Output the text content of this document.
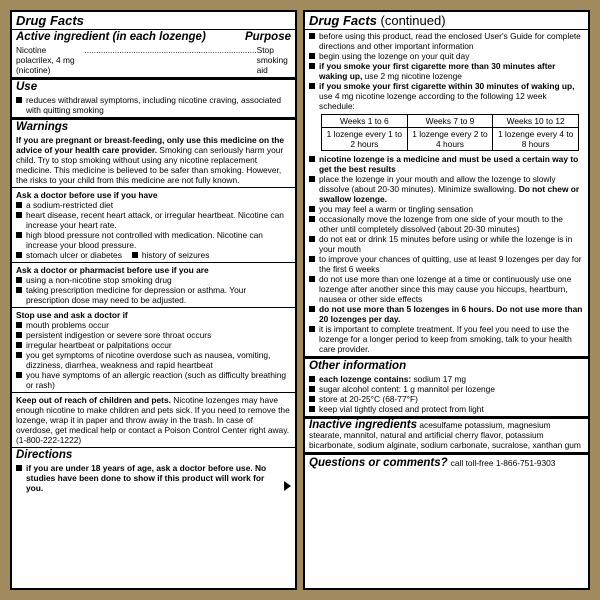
Drug Facts
Active ingredient (in each lozenge)	Purpose
Nicotine polacrilex, 4 mg (nicotine)
.......................................................................... Stop smoking aid
Use
reduces withdrawal symptoms, including nicotine craving, associated with quitting smoking
Warnings

If you are pregnant or breast-feeding, only use this medicine on the advice of your health care provider. Smoking can seriously harm your child. Try to stop smoking without using any nicotine replacement medicine. This medicine is believed to be safer than smoking. However, the risks to your child from this medicine are not fully known.

Ask a doctor before use if you have

a sodium-restricted diet
heart disease, recent heart attack, or irregular heartbeat. Nicotine can increase your heart rate.
high blood pressure not controlled with medication. Nicotine can increase your blood pressure.
stomach ulcer or diabetes	history of seizures

Ask a doctor or pharmacist before use if you are

using a non-nicotine stop smoking drug
taking prescription medicine for depression or asthma. Your prescription dose may need to be adjusted.

Stop use and ask a doctor if

mouth problems occur
persistent indigestion or severe sore throat occurs
irregular heartbeat or palpitations occur
you get symptoms of nicotine overdose such as nausea, vomiting, dizziness, diarrhea, weakness and rapid heartbeat
you have symptoms of an allergic reaction (such as difficulty breathing or rash)

Keep out of reach of children and pets. Nicotine lozenges may have enough nicotine to make children and pets sick. If you need to remove the lozenge, wrap it in paper and throw away in the trash. In case of overdose, get medical help or contact a Poison Control Center right away. (1-800-222-1222)

Directions
if you are under 18 years of age, ask a doctor before use. No studies have been done to show if this product will work for you.
Drug Facts (continued)
before using this product, read the enclosed User's Guide for complete directions and other important information
begin using the lozenge on your quit day
if you smoke your first cigarette more than 30 minutes after waking up, use 2 mg nicotine lozenge
if you smoke your first cigarette within 30 minutes of waking up, use 4 mg nicotine lozenge according to the following 12 week schedule:
Weeks 1 to 6	Weeks 7 to 9	Weeks 10 to 12
1 lozenge every 1 to 2 hours	1 lozenge every 2 to 4 hours	1 lozenge every 4 to 8 hours
nicotine lozenge is a medicine and must be used a certain way to get the best results
place the lozenge in your mouth and allow the lozenge to slowly dissolve (about 20-30 minutes). Minimize swallowing. Do not chew or swallow lozenge.
you may feel a warm or tingling sensation
occasionally move the lozenge from one side of your mouth to the other until completely dissolved (about 20-30 minutes)
do not eat or drink 15 minutes before using or while the lozenge is in your mouth
to improve your chances of quitting, use at least 9 lozenges per day for the first 6 weeks
do not use more than one lozenge at a time or continuously use one lozenge after another since this may cause you hiccups, heartburn, nausea or other side effects
do not use more than 5 lozenges in 6 hours. Do not use more than 20 lozenges per day.
it is important to complete treatment. If you feel you need to use the lozenge for a longer period to keep from smoking, talk to your health care provider.
Other information
each lozenge contains: sodium 17 mg
sugar alcohol content: 1 g mannitol per lozenge
store at 20-25°C (68-77°F)
keep vial tightly closed and protect from light

Inactive ingredients acesulfame potassium, magnesium stearate, mannitol, natural and artificial cherry flavor, potassium bicarbonate, sodium alginate, sodium carbonate, sucralose, xanthan gum

Questions or comments? call toll-free 1-866-751-9303
